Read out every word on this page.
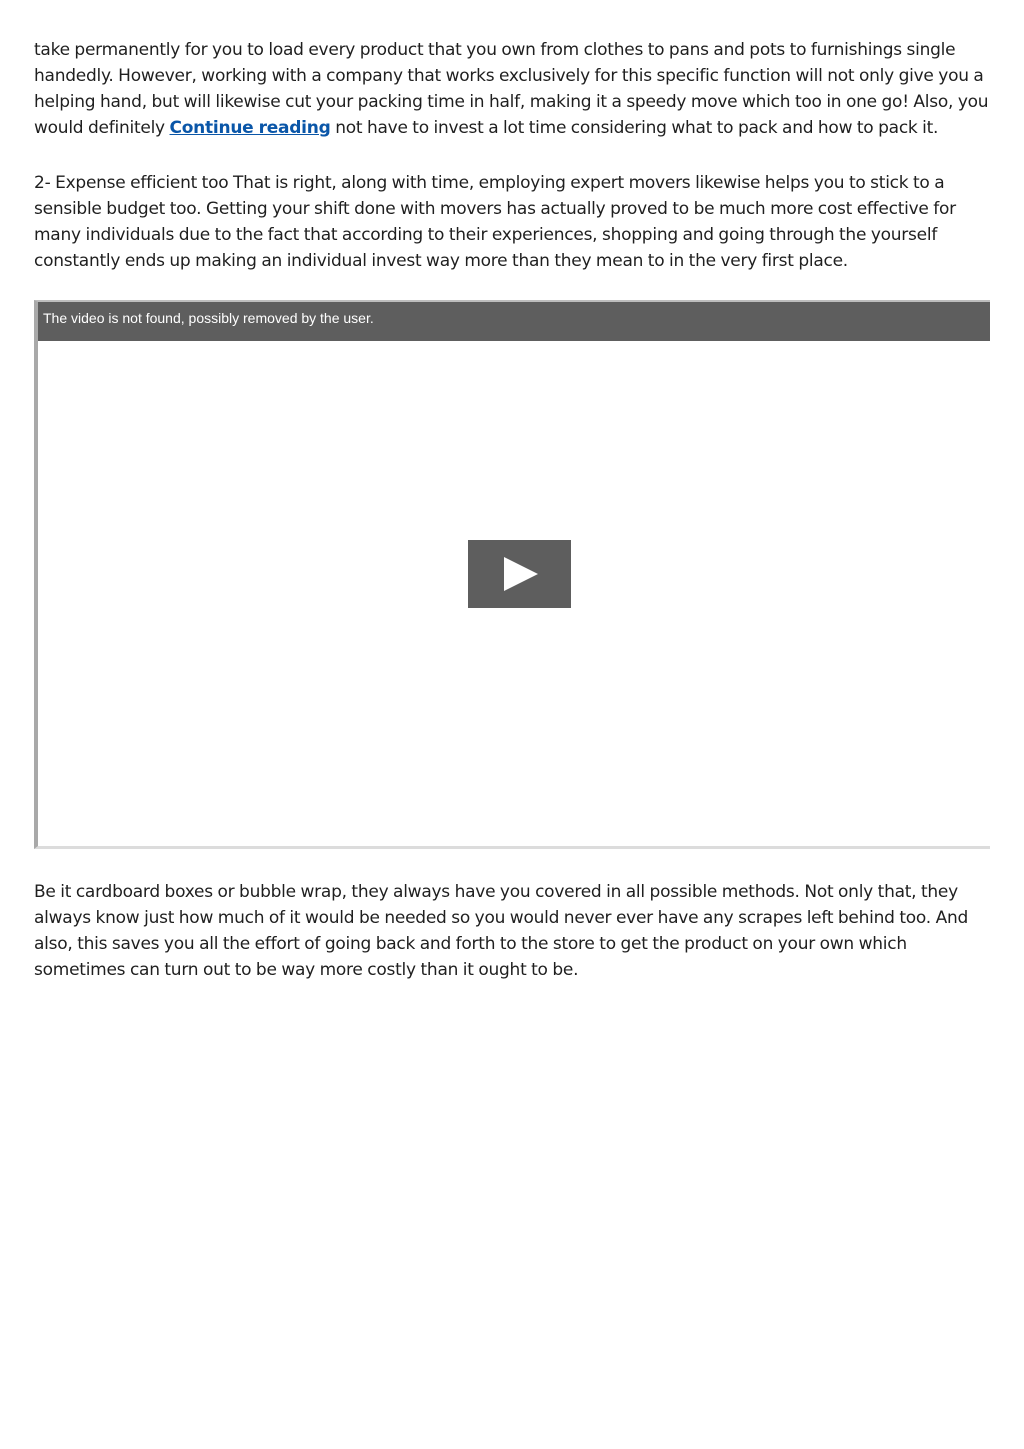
take permanently for you to load every product that you own from clothes to pans and pots to furnishings single handedly. However, working with a company that works exclusively for this specific function will not only give you a helping hand, but will likewise cut your packing time in half, making it a speedy move which too in one go! Also, you would definitely Continue reading not have to invest a lot time considering what to pack and how to pack it.

2- Expense efficient too That is right, along with time, employing expert movers likewise helps you to stick to a sensible budget too. Getting your shift done with movers has actually proved to be much more cost effective for many individuals due to the fact that according to their experiences, shopping and going through the yourself constantly ends up making an individual invest way more than they mean to in the very first place.

The video is not found, possibly removed by the user.

Be it cardboard boxes or bubble wrap, they always have you covered in all possible methods. Not only that, they always know just how much of it would be needed so you would never ever have any scrapes left behind too. And also, this saves you all the effort of going back and forth to the store to get the product on your own which sometimes can turn out to be way more costly than it ought to be.
